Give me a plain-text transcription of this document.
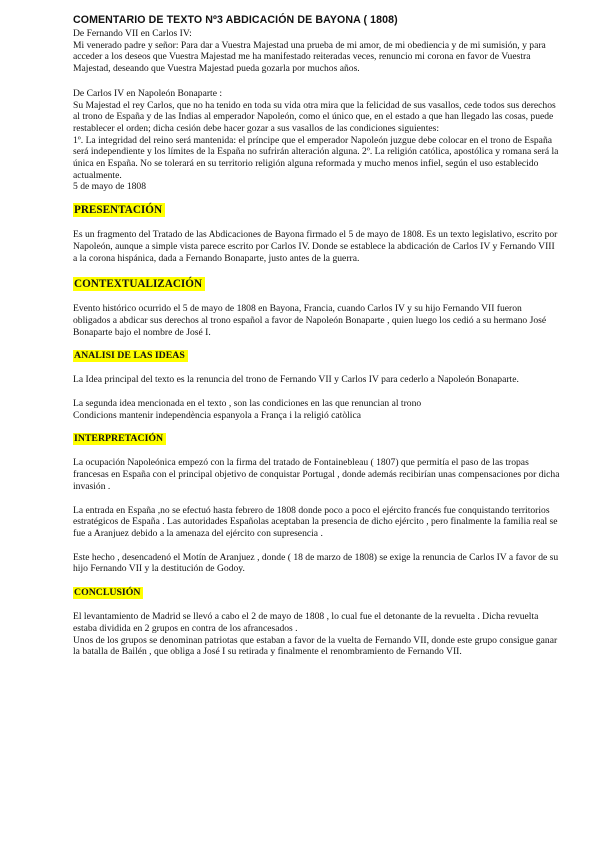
COMENTARIO DE TEXTO Nº3 ABDICACIÓN DE BAYONA ( 1808)

De Fernando VII en Carlos IV:

Mi venerado padre y señor: Para dar a Vuestra Majestad una prueba de mi amor, de mi obediencia y de mi sumisión, y para acceder a los deseos que Vuestra Majestad me ha manifestado reiteradas veces, renuncio mi corona en favor de Vuestra Majestad, deseando que Vuestra Majestad pueda gozarla por muchos años.

De Carlos IV en Napoleón Bonaparte :

Su Majestad el rey Carlos, que no ha tenido en toda su vida otra mira que la felicidad de sus vasallos, cede todos sus derechos al trono de España y de las Indias al emperador Napoleón, como el único que, en el estado a que han llegado las cosas, puede restablecer el orden; dicha cesión debe hacer gozar a sus vasallos de las condiciones siguientes:

1º. La integridad del reino será mantenida: el príncipe que el emperador Napoleón juzgue debe colocar en el trono de España será independiente y los límites de la España no sufrirán alteración alguna. 2º. La religión católica, apostólica y romana será la única en España. No se tolerará en su territorio religión alguna reformada y mucho menos infiel, según el uso establecido actualmente.

5 de mayo de 1808

PRESENTACIÓN

Es un fragmento del Tratado de las Abdicaciones de Bayona firmado el 5 de mayo de 1808. Es un texto legislativo, escrito por Napoleón, aunque a simple vista parece escrito por Carlos IV. Donde se establece la abdicación de Carlos IV y Fernando VIII a la corona hispánica, dada a Fernando Bonaparte, justo antes de la guerra.

CONTEXTUALIZACIÓN

Evento histórico ocurrido el 5 de mayo de 1808 en Bayona, Francia, cuando Carlos IV y su hijo Fernando VII fueron obligados a abdicar sus derechos al trono español a favor de Napoleón Bonaparte , quien luego los cedió a su hermano José Bonaparte bajo el nombre de José I.

ANALISI DE LAS IDEAS

La Idea principal del texto es la renuncia del trono de Fernando VII y Carlos IV para cederlo a Napoleón Bonaparte.

La segunda idea mencionada en el texto , son las condiciones en las que renuncian al trono

Condicions mantenir independència espanyola a França i la religió catòlica

INTERPRETACIÓN

La ocupación Napoleónica empezó con la firma del tratado de Fontainebleau ( 1807) que permitía el paso de las tropas francesas en España con el principal objetivo de conquistar Portugal , donde además recibirían unas compensaciones por dicha invasión .

La entrada en España ,no se efectuó hasta febrero de 1808 donde poco a poco el ejército francés fue conquistando territorios estratégicos de España . Las autoridades Españolas aceptaban la presencia de dicho ejército , pero finalmente la familia real se fue a Aranjuez debido a la amenaza del ejército con supresencia .

Este hecho , desencadenó el Motín de Aranjuez , donde ( 18 de marzo de 1808) se exige la renuncia de Carlos IV a favor de su hijo Fernando VII y la destitución de Godoy.

CONCLUSIÓN

El levantamiento de Madrid se llevó a cabo el 2 de mayo de 1808 , lo cual fue el detonante de la revuelta . Dicha revuelta estaba dividida en 2 grupos en contra de los afrancesados .

Unos de los grupos se denominan patriotas que estaban a favor de la vuelta de Fernando VII, donde este grupo consigue ganar la batalla de Bailén , que obliga a José I su retirada y finalmente el renombramiento de Fernando VII.
